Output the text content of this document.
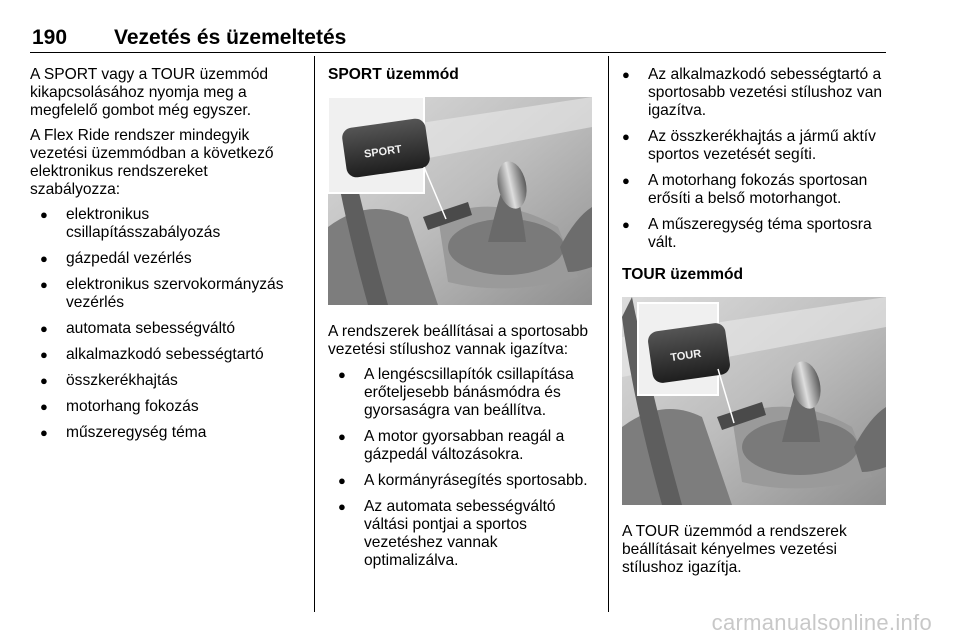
190 Vezetés és üzemeltetés

A SPORT vagy a TOUR üzemmód kikapcsolásához nyomja meg a megfelelő gombot még egyszer.

A Flex Ride rendszer mindegyik vezetési üzemmódban a következő elektronikus rendszereket szabályozza:

● elektronikus csillapításszabályozás
● gázpedál vezérlés
● elektronikus szervokormányzás vezérlés
● automata sebességváltó
● alkalmazkodó sebességtartó
● összkerékhajtás
● motorhang fokozás
● műszeregység téma
SPORT üzemmód
SPORT

A rendszerek beállításai a sportosabb vezetési stílushoz vannak igazítva:

● A lengéscsillapítók csillapítása erőteljesebb bánásmódra és gyorsaságra van beállítva.
● A motor gyorsabban reagál a gázpedál változásokra.
● A kormányrásegítés sportosabb.
● Az automata sebességváltó váltási pontjai a sportos vezetéshez vannak optimalizálva.
● Az alkalmazkodó sebességtartó a sportosabb vezetési stílushoz van igazítva.
● Az összkerékhajtás a jármű aktív sportos vezetését segíti.
● A motorhang fokozás sportosan erősíti a belső motorhangot.
● A műszeregység téma sportosra vált.
TOUR üzemmód
TOUR

A TOUR üzemmód a rendszerek beállításait kényelmes vezetési stílushoz igazítja.

carmanualsonline.info
